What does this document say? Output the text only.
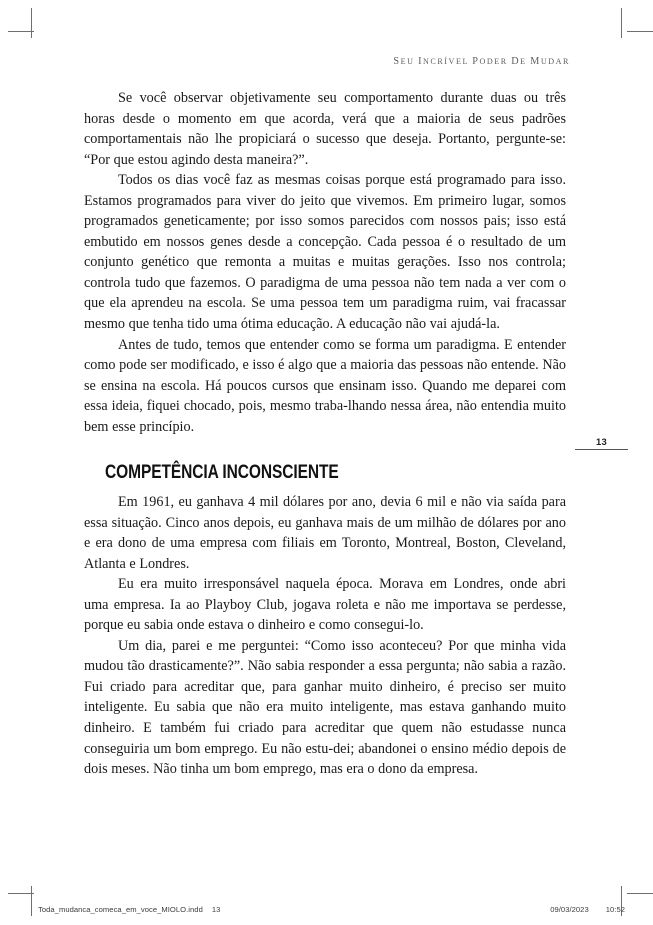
SEU INCRÍVEL PODER DE MUDAR

Se você observar objetivamente seu comportamento durante duas ou três horas desde o momento em que acorda, verá que a maioria de seus padrões comportamentais não lhe propiciará o sucesso que deseja. Portanto, pergunte-se: “Por que estou agindo desta maneira?”.

Todos os dias você faz as mesmas coisas porque está programado para isso. Estamos programados para viver do jeito que vivemos. Em primeiro lugar, somos programados geneticamente; por isso somos parecidos com nossos pais; isso está embutido em nossos genes desde a concepção. Cada pessoa é o resultado de um conjunto genético que remonta a muitas e muitas gerações. Isso nos controla; controla tudo que fazemos. O paradigma de uma pessoa não tem nada a ver com o que ela aprendeu na escola. Se uma pessoa tem um paradigma ruim, vai fracassar mesmo que tenha tido uma ótima educação. A educação não vai ajudá-la.

Antes de tudo, temos que entender como se forma um paradigma. E entender como pode ser modificado, e isso é algo que a maioria das pessoas não entende. Não se ensina na escola. Há poucos cursos que ensinam isso. Quando me deparei com essa ideia, fiquei chocado, pois, mesmo traba-lhando nessa área, não entendia muito bem esse princípio.

13
COMPETÊNCIA INCONSCIENTE

Em 1961, eu ganhava 4 mil dólares por ano, devia 6 mil e não via saída para essa situação. Cinco anos depois, eu ganhava mais de um milhão de dólares por ano e era dono de uma empresa com filiais em Toronto, Montreal, Boston, Cleveland, Atlanta e Londres.

Eu era muito irresponsável naquela época. Morava em Londres, onde abri uma empresa. Ia ao Playboy Club, jogava roleta e não me importava se perdesse, porque eu sabia onde estava o dinheiro e como consegui-lo.

Um dia, parei e me perguntei: “Como isso aconteceu? Por que minha vida mudou tão drasticamente?”. Não sabia responder a essa pergunta; não sabia a razão. Fui criado para acreditar que, para ganhar muito dinheiro, é preciso ser muito inteligente. Eu sabia que não era muito inteligente, mas estava ganhando muito dinheiro. E também fui criado para acreditar que quem não estudasse nunca conseguiria um bom emprego. Eu não estu-dei; abandonei o ensino médio depois de dois meses. Não tinha um bom emprego, mas era o dono da empresa.

Toda_mudanca_comeca_em_voce_MIOLO.indd 13	09/03/2023 10:52
